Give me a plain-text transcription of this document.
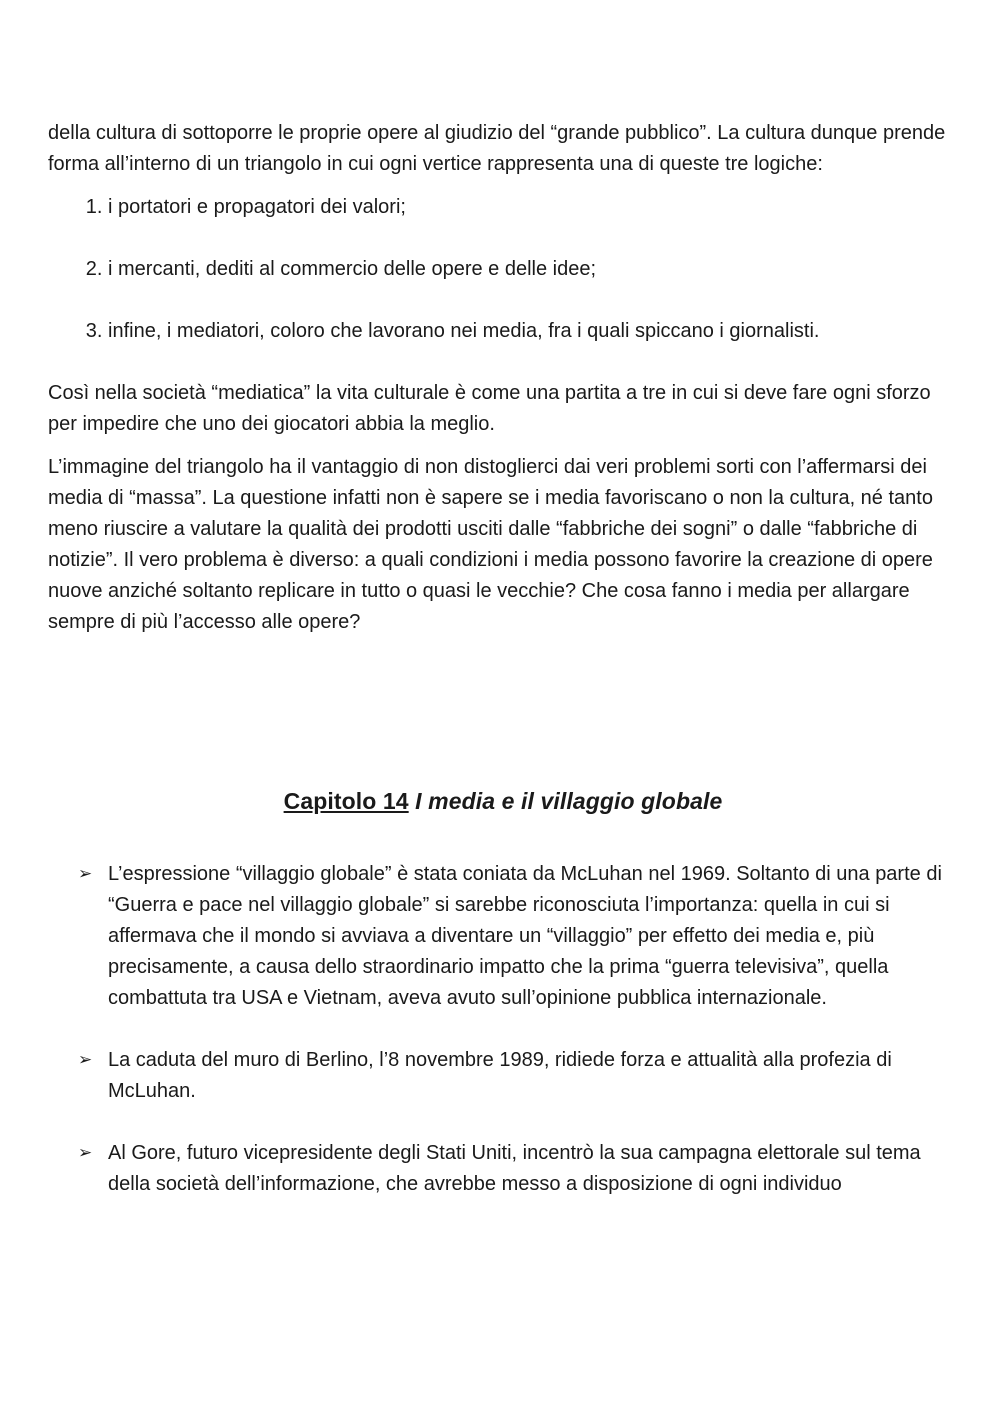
della cultura di sottoporre le proprie opere al giudizio del “grande pubblico”. La cultura dunque prende forma all’interno di un triangolo in cui ogni vertice rappresenta una di queste tre logiche:

1. i portatori e propagatori dei valori;
2. i mercanti, dediti al commercio delle opere e delle idee;
3. infine, i mediatori, coloro che lavorano nei media, fra i quali spiccano i giornalisti.

Così nella società “mediatica” la vita culturale è come una partita a tre in cui si deve fare ogni sforzo per impedire che uno dei giocatori abbia la meglio.

L’immagine del triangolo ha il vantaggio di non distoglierci dai veri problemi sorti con l’affermarsi dei media di “massa”. La questione infatti non è sapere se i media favoriscano o non la cultura, né tanto meno riuscire a valutare la qualità dei prodotti usciti dalle “fabbriche dei sogni” o dalle “fabbriche di notizie”. Il vero problema è diverso: a quali condizioni i media possono favorire la creazione di opere nuove anziché soltanto replicare in tutto o quasi le vecchie? Che cosa fanno i media per allargare sempre di più l’accesso alle opere?

Capitolo 14 I media e il villaggio globale
➢ L’espressione “villaggio globale” è stata coniata da McLuhan nel 1969. Soltanto di una parte di “Guerra e pace nel villaggio globale” si sarebbe riconosciuta l’importanza: quella in cui si affermava che il mondo si avviava a diventare un “villaggio” per effetto dei media e, più precisamente, a causa dello straordinario impatto che la prima “guerra televisiva”, quella combattuta tra USA e Vietnam, aveva avuto sull’opinione pubblica internazionale.
➢ La caduta del muro di Berlino, l’8 novembre 1989, ridiede forza e attualità alla profezia di McLuhan.
➢ Al Gore, futuro vicepresidente degli Stati Uniti, incentrò la sua campagna elettorale sul tema della società dell’informazione, che avrebbe messo a disposizione di ogni individuo
